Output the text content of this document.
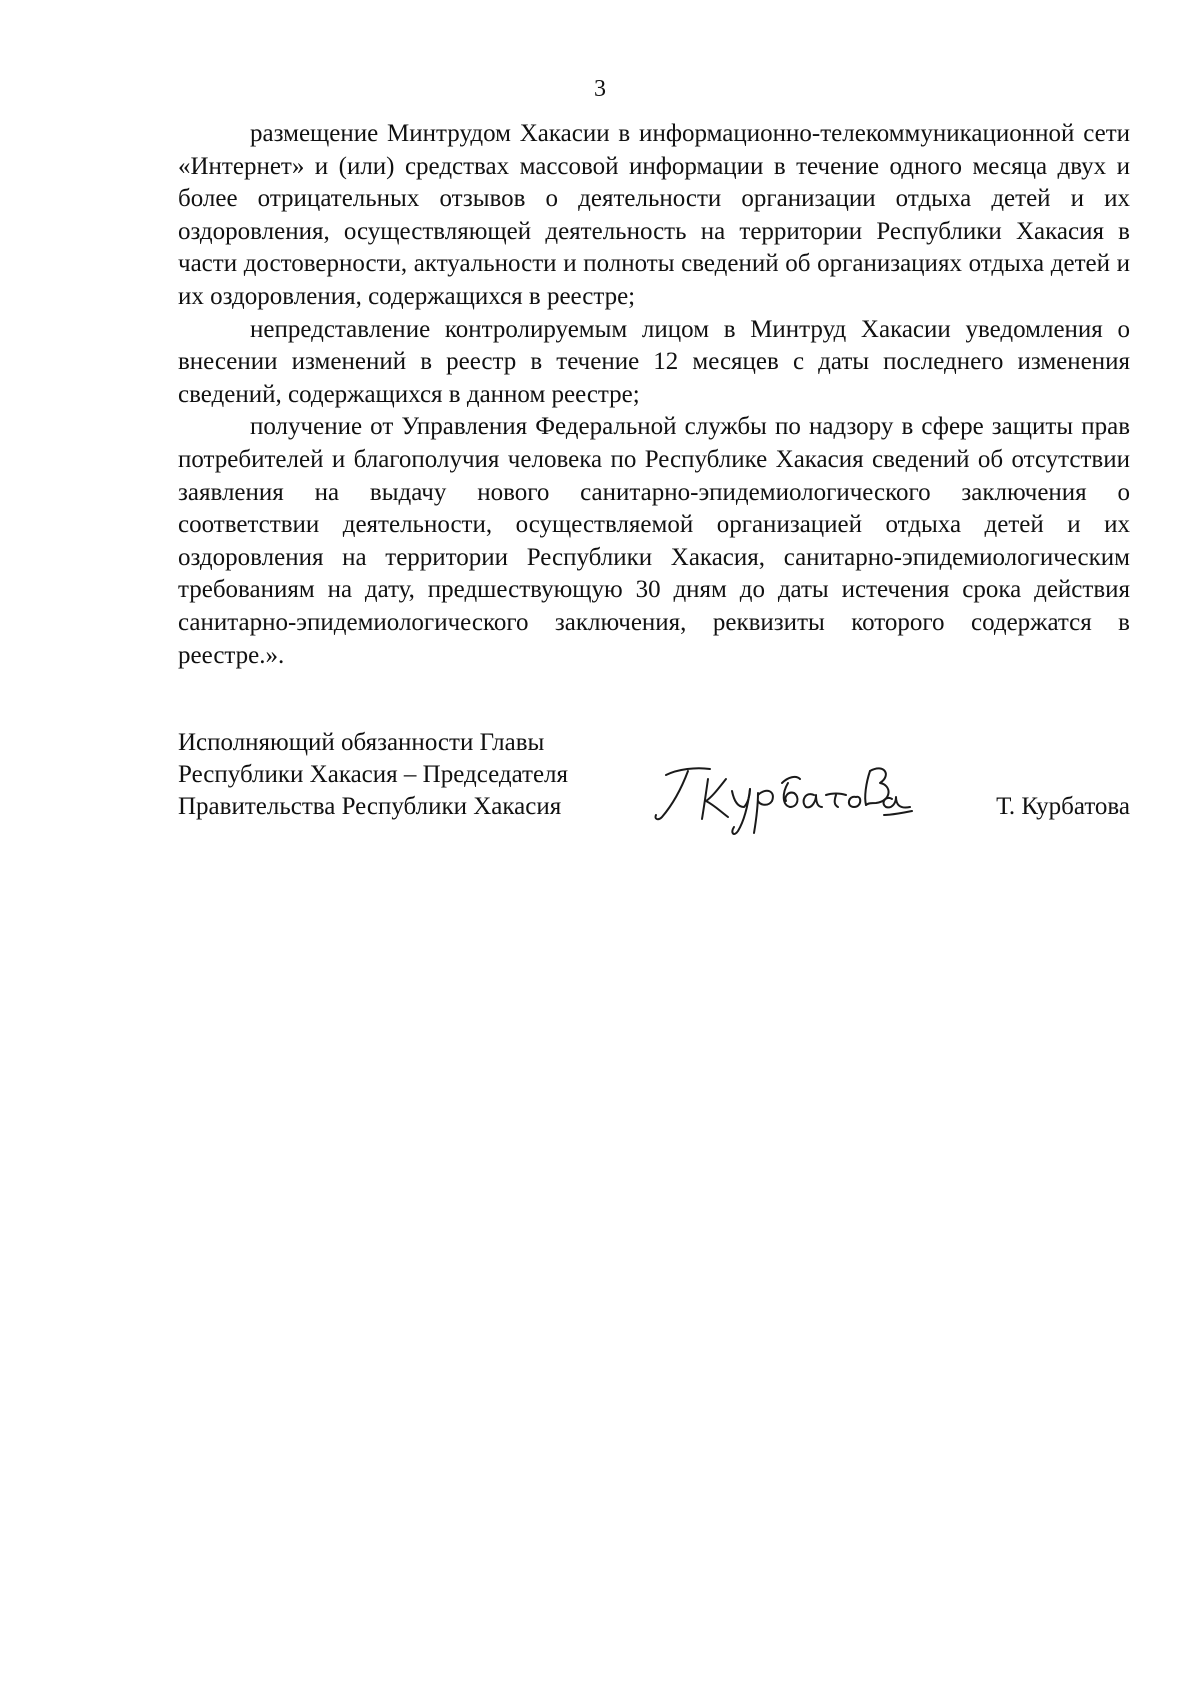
3

размещение Минтрудом Хакасии в информационно-телекоммуникационной сети «Интернет» и (или) средствах массовой информации в течение одного месяца двух и более отрицательных отзывов о деятельности организации отдыха детей и их оздоровления, осуществляющей деятельность на территории Республики Хакасия в части достоверности, актуальности и полноты сведений об организациях отдыха детей и их оздоровления, содержащихся в реестре;

непредставление контролируемым лицом в Минтруд Хакасии уведомления о внесении изменений в реестр в течение 12 месяцев с даты последнего изменения сведений, содержащихся в данном реестре;

получение от Управления Федеральной службы по надзору в сфере защиты прав потребителей и благополучия человека по Республике Хакасия сведений об отсутствии заявления на выдачу нового санитарно-эпидемиологического заключения о соответствии деятельности, осуществляемой организацией отдыха детей и их оздоровления на территории Республики Хакасия, санитарно-эпидемиологическим требованиям на дату, предшествующую 30 дням до даты истечения срока действия санитарно-эпидемиологического заключения, реквизиты которого содержатся в реестре.».

Исполняющий обязанности Главы
Республики Хакасия – Председателя
Правительства Республики Хакасия	Т. Курбатова
